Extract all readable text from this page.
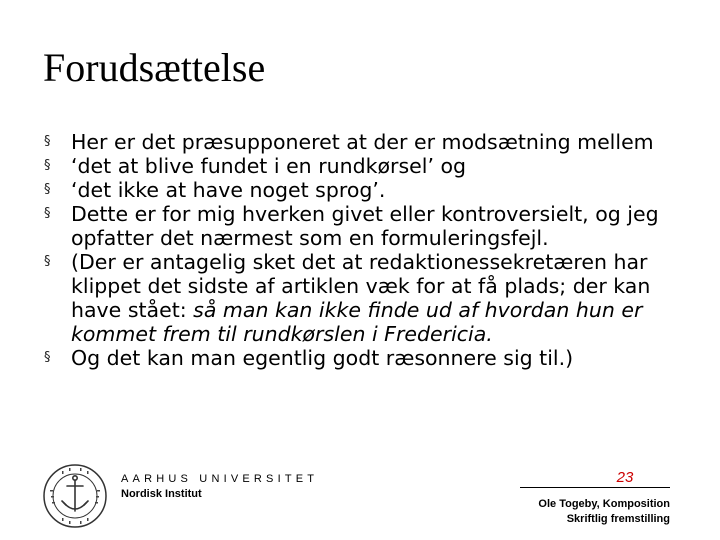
Forudsættelse
§ Her er det præsupponeret at der er modsætning mellem
§ ‘det at blive fundet i en rundkørsel’ og
§ ‘det ikke at have noget sprog’.
§ Dette er for mig hverken givet eller kontroversielt, og jeg opfatter det nærmest som en formuleringsfejl.
§ (Der er antagelig sket det at redaktionessekretæren har klippet det sidste af artiklen væk for at få plads; der kan have stået: så man kan ikke finde ud af hvordan hun er kommet frem til rundkørslen i Fredericia.
§ Og det kan man egentlig godt ræsonnere sig til.)
AARHUS UNIVERSITET
Nordisk Institut
23
Ole Togeby, Komposition
Skriftlig fremstilling
